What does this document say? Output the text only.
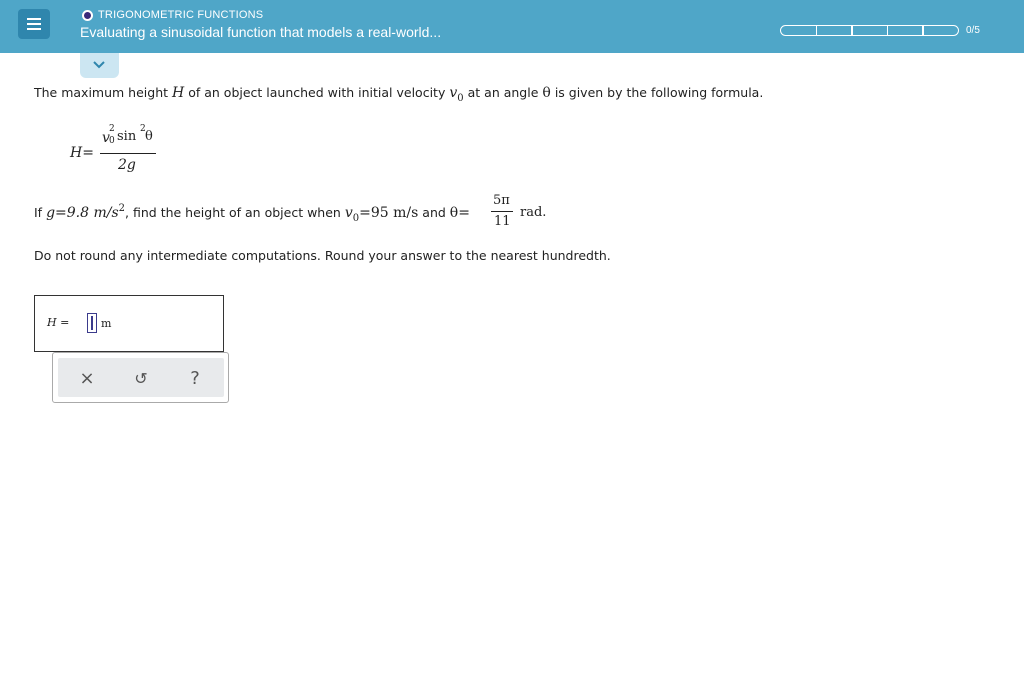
TRIGONOMETRIC FUNCTIONS
Evaluating a sinusoidal function that models a real-world...	0/5
The maximum height H of an object launched with initial velocity $v_0$ at an angle θ is given by the following formula.
H=
v
2
0 sin 2 θ
2g
If g=9.8 $m/s^2$, find the height of an object when $v_0=95$ m/s and θ=
5π
11
rad.
Do not round any intermediate computations. Round your answer to the nearest hundredth.
H =	m
× ↺ ?
